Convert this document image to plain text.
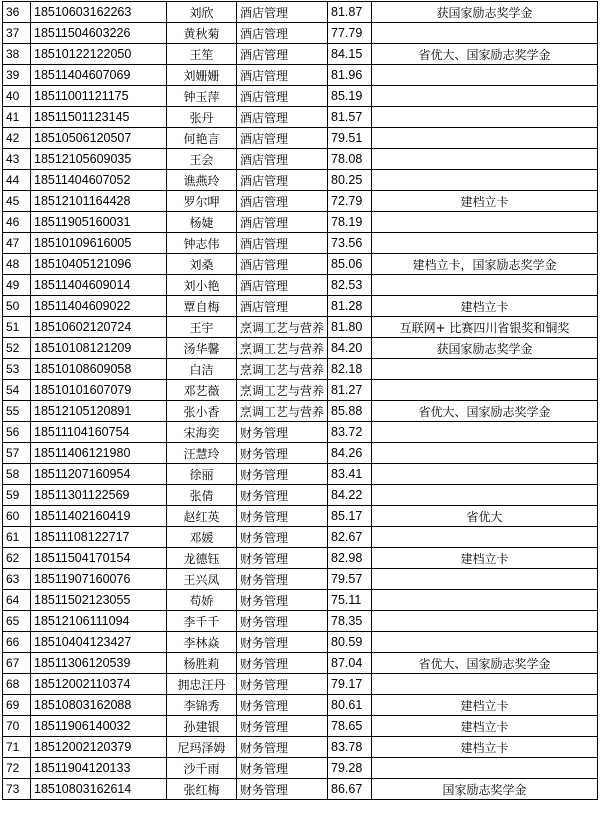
36	18510603162263	刘欣	酒店管理	81.87	获国家励志奖学金
37	18511504603226	黄秋菊	酒店管理	77.79	
38	18510122122050	王笙	酒店管理	84.15	省优大、国家励志奖学金
39	18511404607069	刘姗姗	酒店管理	81.96	
40	18511001121175	钟玉萍	酒店管理	85.19	
41	18511501123145	张丹	酒店管理	81.57	
42	18510506120507	何艳言	酒店管理	79.51	
43	18512105609035	王会	酒店管理	78.08	
44	18511404607052	谯燕玲	酒店管理	80.25	
45	18512101164428	罗尔呷	酒店管理	72.79	建档立卡
46	18511905160031	杨婕	酒店管理	78.19	
47	18510109616005	钟志伟	酒店管理	73.56	
48	18510405121096	刘桑	酒店管理	85.06	建档立卡，国家励志奖学金
49	18511404609014	刘小艳	酒店管理	82.53	
50	18511404609022	覃自梅	酒店管理	81.28	建档立卡
51	18510602120724	王宇	烹调工艺与营养	81.80	互联网+ 比赛四川省银奖和铜奖
52	18510108121209	汤华馨	烹调工艺与营养	84.20	获国家励志奖学金
53	18510108609058	白洁	烹调工艺与营养	82.18	
54	18510101607079	邓艺薇	烹调工艺与营养	81.27	
55	18512105120891	张小香	烹调工艺与营养	85.88	省优大、国家励志奖学金
56	18511104160754	宋海奕	财务管理	83.72	
57	18511406121980	汪慧玲	财务管理	84.26	
58	18511207160954	徐丽	财务管理	83.41	
59	18511301122569	张倩	财务管理	84.22	
60	18511402160419	赵红英	财务管理	85.17	省优大
61	18511108122717	邓媛	财务管理	82.67	
62	18511504170154	龙德钰	财务管理	82.98	建档立卡
63	18511907160076	王兴凤	财务管理	79.57	
64	18511502123055	苟娇	财务管理	75.11	
65	18512106111094	李千千	财务管理	78.35	
66	18510404123427	李林焱	财务管理	80.59	
67	18511306120539	杨胜莉	财务管理	87.04	省优大、国家励志奖学金
68	18512002110374	拥忠汪丹	财务管理	79.17	
69	18510803162088	李锦秀	财务管理	80.61	建档立卡
70	18511906140032	孙建银	财务管理	78.65	建档立卡
71	18512002120379	尼玛泽姆	财务管理	83.78	建档立卡
72	18511904120133	沙千雨	财务管理	79.28	
73	18510803162614	张红梅	财务管理	86.67	国家励志奖学金
